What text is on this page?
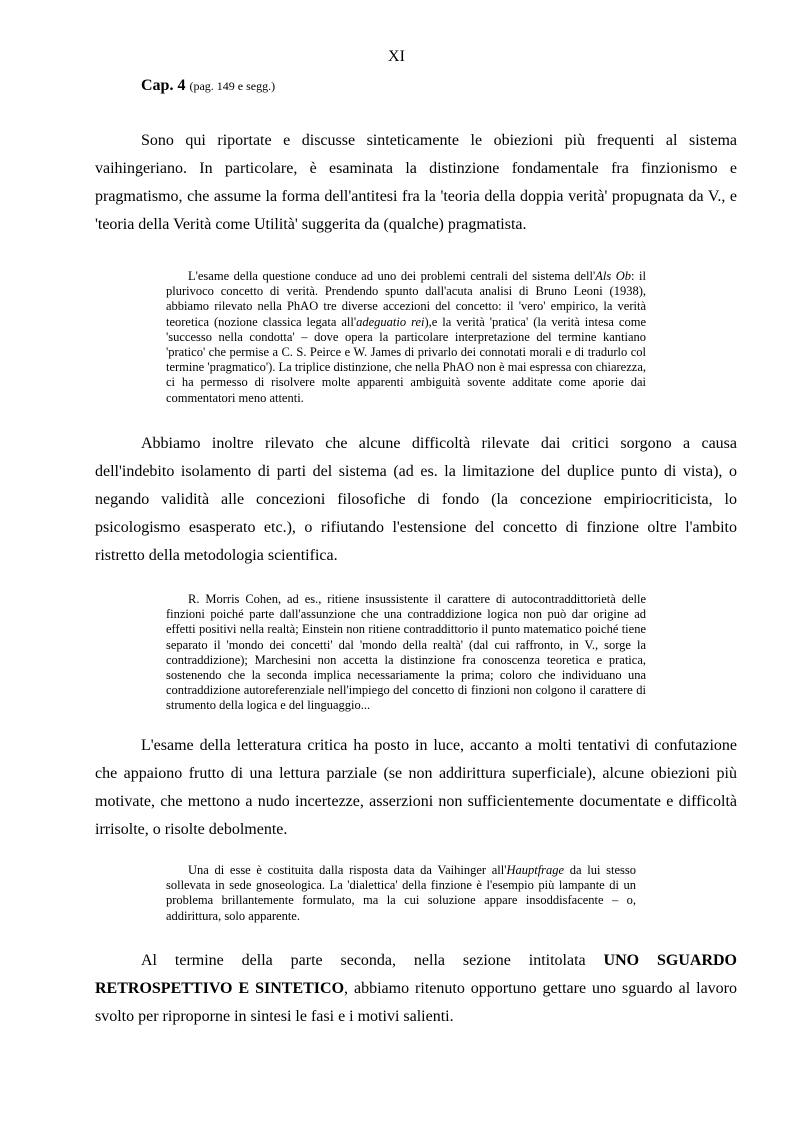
XI
Cap. 4 (pag. 149 e segg.)

Sono qui riportate e discusse sinteticamente le obiezioni più frequenti al sistema vaihingeriano. In particolare, è esaminata la distinzione fondamentale fra finzionismo e pragmatismo, che assume la forma dell'antitesi fra la 'teoria della doppia verità' propugnata da V., e 'teoria della Verità come Utilità' suggerita da (qualche) pragmatista.

L'esame della questione conduce ad uno dei problemi centrali del sistema dell'Als Ob: il plurivoco concetto di verità. Prendendo spunto dall'acuta analisi di Bruno Leoni (1938), abbiamo rilevato nella PhAO tre diverse accezioni del concetto: il 'vero' empirico, la verità teoretica (nozione classica legata all'adeguatio rei),e la verità 'pratica' (la verità intesa come 'successo nella condotta' – dove opera la particolare interpretazione del termine kantiano 'pratico' che permise a C. S. Peirce e W. James di privarlo dei connotati morali e di tradurlo col termine 'pragmatico'). La triplice distinzione, che nella PhAO non è mai espressa con chiarezza, ci ha permesso di risolvere molte apparenti ambiguità sovente additate come aporie dai commentatori meno attenti.

Abbiamo inoltre rilevato che alcune difficoltà rilevate dai critici sorgono a causa dell'indebito isolamento di parti del sistema (ad es. la limitazione del duplice punto di vista), o negando validità alle concezioni filosofiche di fondo (la concezione empiriocriticista, lo psicologismo esasperato etc.), o rifiutando l'estensione del concetto di finzione oltre l'ambito ristretto della metodologia scientifica.

R. Morris Cohen, ad es., ritiene insussistente il carattere di autocontraddittorietà delle finzioni poiché parte dall'assunzione che una contraddizione logica non può dar origine ad effetti positivi nella realtà; Einstein non ritiene contraddittorio il punto matematico poiché tiene separato il 'mondo dei concetti' dal 'mondo della realtà' (dal cui raffronto, in V., sorge la contraddizione); Marchesini non accetta la distinzione fra conoscenza teoretica e pratica, sostenendo che la seconda implica necessariamente la prima; coloro che individuano una contraddizione autoreferenziale nell'impiego del concetto di finzioni non colgono il carattere di strumento della logica e del linguaggio...

L'esame della letteratura critica ha posto in luce, accanto a molti tentativi di confutazione che appaiono frutto di una lettura parziale (se non addirittura superficiale), alcune obiezioni più motivate, che mettono a nudo incertezze, asserzioni non sufficientemente documentate e difficoltà irrisolte, o risolte debolmente.

Una di esse è costituita dalla risposta data da Vaihinger all'Hauptfrage da lui stesso sollevata in sede gnoseologica. La 'dialettica' della finzione è l'esempio più lampante di un problema brillantemente formulato, ma la cui soluzione appare insoddisfacente – o, addirittura, solo apparente.

Al termine della parte seconda, nella sezione intitolata UNO SGUARDO RETROSPETTIVO E SINTETICO, abbiamo ritenuto opportuno gettare uno sguardo al lavoro svolto per riproporne in sintesi le fasi e i motivi salienti.
